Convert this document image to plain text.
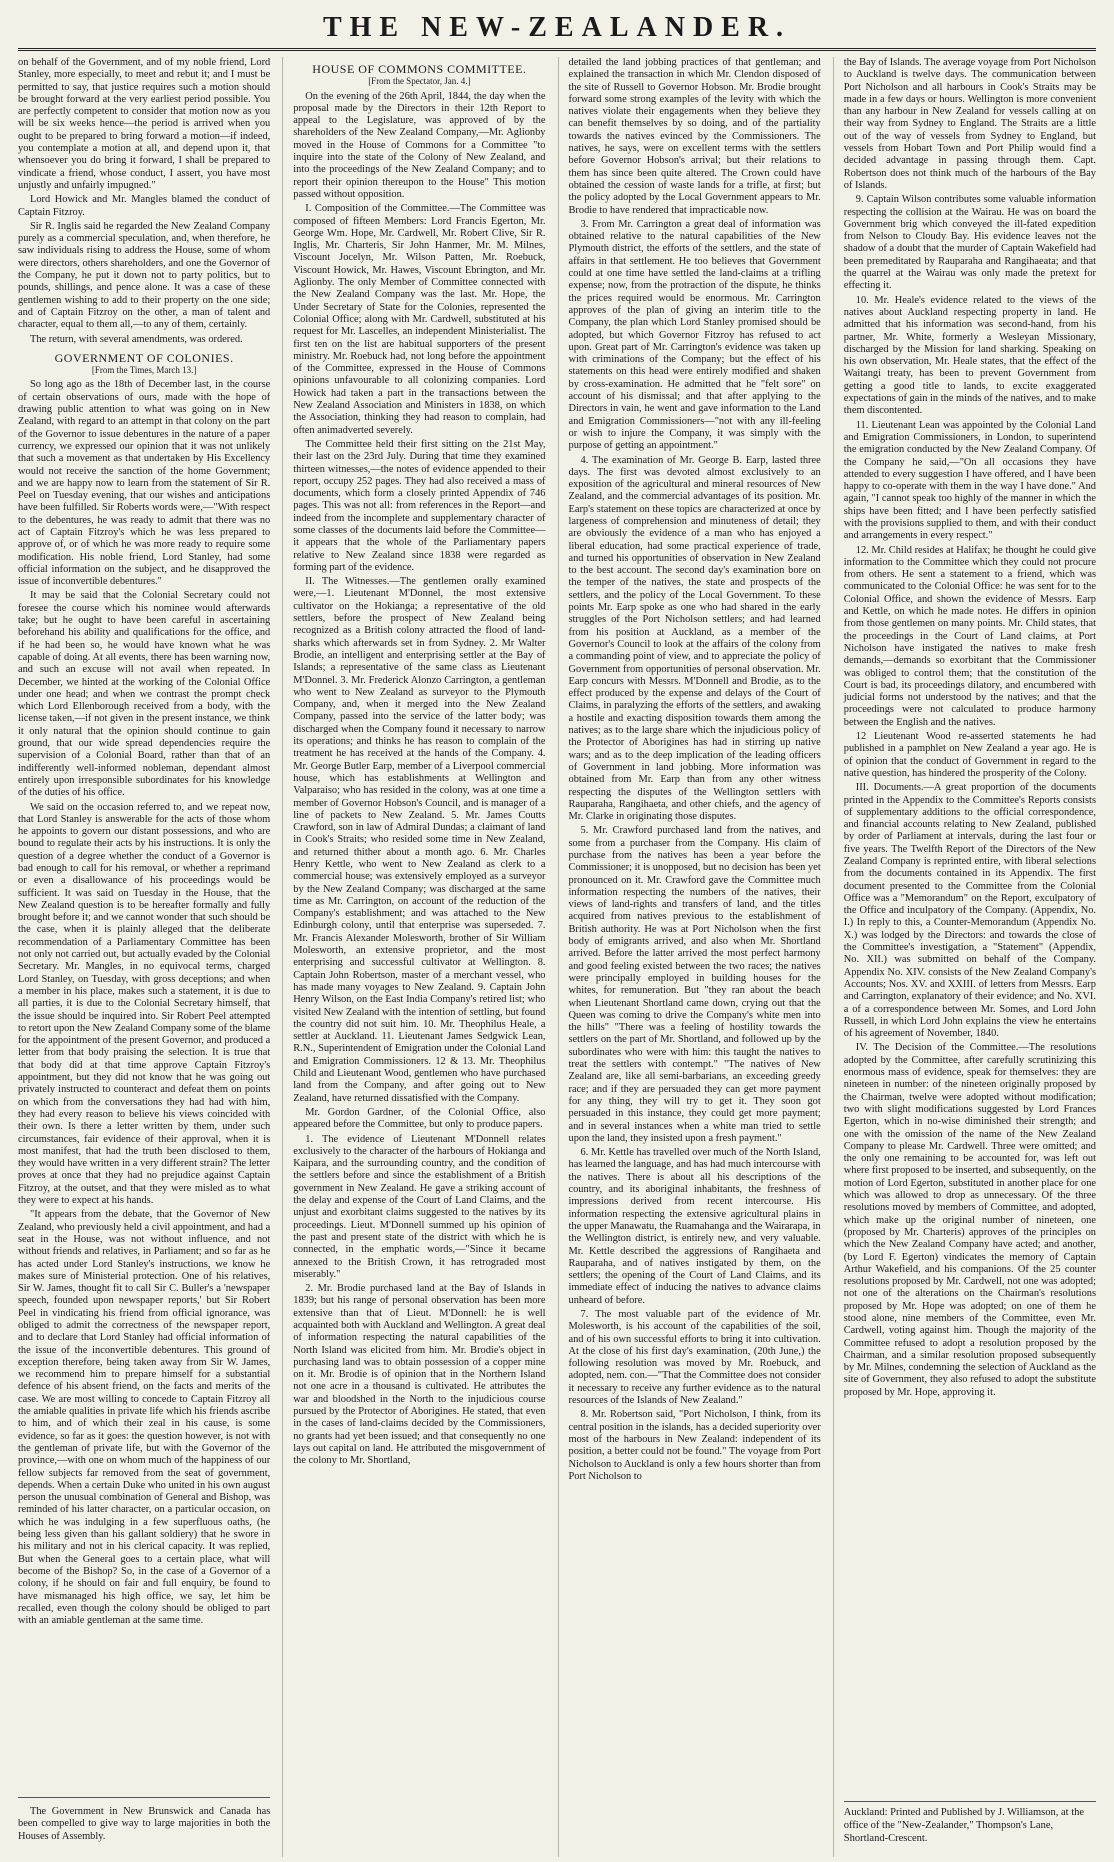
THE NEW-ZEALANDER.

on behalf of the Government, and of my noble friend, Lord Stanley, more especially, to meet and rebut it; and I must be permitted to say, that justice requires such a motion should be brought forward at the very earliest period possible. You are perfectly competent to consider that motion now as you will be six weeks hence—the period is arrived when you ought to be prepared to bring forward a motion—if indeed, you contemplate a motion at all, and depend upon it, that whensoever you do bring it forward, I shall be prepared to vindicate a friend, whose conduct, I assert, you have most unjustly and unfairly impugned."

Lord Howick and Mr. Mangles blamed the conduct of Captain Fitzroy.

Sir R. Inglis said he regarded the New Zealand Company purely as a commercial speculation, and, when therefore, he saw individuals rising to address the House, some of whom were directors, others shareholders, and one the Governor of the Company, he put it down not to party politics, but to pounds, shillings, and pence alone. It was a case of these gentlemen wishing to add to their property on the one side; and of Captain Fitzroy on the other, a man of talent and character, equal to them all,—to any of them, certainly.

The return, with several amendments, was ordered.

GOVERNMENT OF COLONIES.
[From the Times, March 13.]

So long ago as the 18th of December last, in the course of certain observations of ours, made with the hope of drawing public attention to what was going on in New Zealand, with regard to an attempt in that colony on the part of the Governor to issue debentures in the nature of a paper currency, we expressed our opinion that it was not unlikely that such a movement as that undertaken by His Excellency would not receive the sanction of the home Government; and we are happy now to learn from the statement of Sir R. Peel on Tuesday evening, that our wishes and anticipations have been fulfilled. Sir Roberts words were,—"With respect to the debentures, he was ready to admit that there was no act of Captain Fitzroy's which he was less prepared to approve of, or of which he was more ready to require some modification. His noble friend, Lord Stanley, had some official information on the subject, and he disapproved the issue of inconvertible debentures."

It may be said that the Colonial Secretary could not foresee the course which his nominee would afterwards take; but he ought to have been careful in ascertaining beforehand his ability and qualifications for the office, and if he had been so, he would have known what he was capable of doing. At all events, there has been warning now, and such an excuse will not avail when repeated. In December, we hinted at the working of the Colonial Office under one head; and when we contrast the prompt check which Lord Ellenborough received from a body, with the license taken,—if not given in the present instance, we think it only natural that the opinion should continue to gain ground, that our wide spread dependencies require the supervision of a Colonial Board, rather than that of an indifferently well-informed nobleman, dependant almost entirely upon irresponsible subordinates for his knowledge of the duties of his office.

We said on the occasion referred to, and we repeat now, that Lord Stanley is answerable for the acts of those whom he appoints to govern our distant possessions, and who are bound to regulate their acts by his instructions. It is only the question of a degree whether the conduct of a Governor is bad enough to call for his removal, or whether a reprimand or even a disallowance of his proceedings would be sufficient. It was said on Tuesday in the House, that the New Zealand question is to be hereafter formally and fully brought before it; and we cannot wonder that such should be the case, when it is plainly alleged that the deliberate recommendation of a Parliamentary Committee has been not only not carried out, but actually evaded by the Colonial Secretary. Mr. Mangles, in no equivocal terms, charged Lord Stanley, on Tuesday, with gross deceptions; and when a member in his place, makes such a statement, it is due to all parties, it is due to the Colonial Secretary himself, that the issue should be inquired into. Sir Robert Peel attempted to retort upon the New Zealand Company some of the blame for the appointment of the present Governor, and produced a letter from that body praising the selection. It is true that that body did at that time approve Captain Fitzroy's appointment, but they did not know that he was going out privately instructed to counteract and defeat them on points on which from the conversations they had had with him, they had every reason to believe his views coincided with their own. Is there a letter written by them, under such circumstances, fair evidence of their approval, when it is most manifest, that had the truth been disclosed to them, they would have written in a very different strain? The letter proves at once that they had no prejudice against Captain Fitzroy, at the outset, and that they were misled as to what they were to expect at his hands.

"It appears from the debate, that the Governor of New Zealand, who previously held a civil appointment, and had a seat in the House, was not without influence, and not without friends and relatives, in Parliament; and so far as he has acted under Lord Stanley's instructions, we know he makes sure of Ministerial protection. One of his relatives, Sir W. James, thought fit to call Sir C. Buller's a 'newspaper speech, founded upon newspaper reports,' but Sir Robert Peel in vindicating his friend from official ignorance, was obliged to admit the correctness of the newspaper report, and to declare that Lord Stanley had official information of the issue of the inconvertible debentures. This ground of exception therefore, being taken away from Sir W. James, we recommend him to prepare himself for a substantial defence of his absent friend, on the facts and merits of the case. We are most willing to concede to Captain Fitzroy all the amiable qualities in private life which his friends ascribe to him, and of which their zeal in his cause, is some evidence, so far as it goes: the question however, is not with the gentleman of private life, but with the Governor of the province,—with one on whom much of the happiness of our fellow subjects far removed from the seat of government, depends. When a certain Duke who united in his own august person the unusual combination of General and Bishop, was reminded of his latter character, on a particular occasion, on which he was indulging in a few superfluous oaths, (he being less given than his gallant soldiery) that he swore in his military and not in his clerical capacity. It was replied, But when the General goes to a certain place, what will become of the Bishop? So, in the case of a Governor of a colony, if he should on fair and full enquiry, be found to have mismanaged his high office, we say, let him be recalled, even though the colony should be obliged to part with an amiable gentleman at the same time.

The Government in New Brunswick and Canada has been compelled to give way to large majorities in both the Houses of Assembly.

HOUSE OF COMMONS COMMITTEE.
[From the Spectator, Jan. 4.]

On the evening of the 26th April, 1844, the day when the proposal made by the Directors in their 12th Report to appeal to the Legislature, was approved of by the shareholders of the New Zealand Company,—Mr. Aglionby moved in the House of Commons for a Committee "to inquire into the state of the Colony of New Zealand, and into the proceedings of the New Zealand Company; and to report their opinion thereupon to the House" This motion passed without opposition.

I. Composition of the Committee.—The Committee was composed of fifteen Members: Lord Francis Egerton, Mr. George Wm. Hope, Mr. Cardwell, Mr. Robert Clive, Sir R. Inglis, Mr. Charteris, Sir John Hanmer, Mr. M. Milnes, Viscount Jocelyn, Mr. Wilson Patten, Mr. Roebuck, Viscount Howick, Mr. Hawes, Viscount Ebrington, and Mr. Aglionby. The only Member of Committee connected with the New Zealand Company was the last. Mr. Hope, the Under Secretary of State for the Colonies, represented the Colonial Office; along with Mr. Cardwell, substituted at his request for Mr. Lascelles, an independent Ministerialist. The first ten on the list are habitual supporters of the present ministry. Mr. Roebuck had, not long before the appointment of the Committee, expressed in the House of Commons opinions unfavourable to all colonizing companies. Lord Howick had taken a part in the transactions between the New Zealand Association and Ministers in 1838, on which the Association, thinking they had reason to complain, had often animadverted severely.

The Committee held their first sitting on the 21st May, their last on the 23rd July. During that time they examined thirteen witnesses,—the notes of evidence appended to their report, occupy 252 pages. They had also received a mass of documents, which form a closely printed Appendix of 746 pages. This was not all: from references in the Report—and indeed from the incomplete and supplementary character of some classes of the documents laid before the Committee—it appears that the whole of the Parliamentary papers relative to New Zealand since 1838 were regarded as forming part of the evidence.

II. The Witnesses.—The gentlemen orally examined were,—1. Lieutenant M'Donnel, the most extensive cultivator on the Hokianga; a representative of the old settlers, before the prospect of New Zealand being recognized as a British colony attracted the flood of land-sharks which afterwards set in from Sydney. 2. Mr Walter Brodie, an intelligent and enterprising settler at the Bay of Islands; a representative of the same class as Lieutenant M'Donnel. 3. Mr. Frederick Alonzo Carrington, a gentleman who went to New Zealand as surveyor to the Plymouth Company, and, when it merged into the New Zealand Company, passed into the service of the latter body; was discharged when the Company found it necessary to narrow its operations; and thinks he has reason to complain of the treatment he has received at the hands of the Company. 4. Mr. George Butler Earp, member of a Liverpool commercial house, which has establishments at Wellington and Valparaiso; who has resided in the colony, was at one time a member of Governor Hobson's Council, and is manager of a line of packets to New Zealand. 5. Mr. James Coutts Crawford, son in law of Admiral Dundas; a claimant of land in Cook's Straits; who resided some time in New Zealand, and returned thither about a month ago. 6. Mr. Charles Henry Kettle, who went to New Zealand as clerk to a commercial house; was extensively employed as a surveyor by the New Zealand Company; was discharged at the same time as Mr. Carrington, on account of the reduction of the Company's establishment; and was attached to the New Edinburgh colony, until that enterprise was superseded. 7. Mr. Francis Alexander Molesworth, brother of Sir William Molesworth, an extensive proprietor, and the most enterprising and successful cultivator at Wellington. 8. Captain John Robertson, master of a merchant vessel, who has made many voyages to New Zealand. 9. Captain John Henry Wilson, on the East India Company's retired list; who visited New Zealand with the intention of settling, but found the country did not suit him. 10. Mr. Theophilus Heale, a settler at Auckland. 11. Lieutenant James Sedgwick Lean, R.N., Superintendent of Emigration under the Colonial Land and Emigration Commissioners. 12 & 13. Mr. Theophilus Child and Lieutenant Wood, gentlemen who have purchased land from the Company, and after going out to New Zealand, have returned dissatisfied with the Company.

Mr. Gordon Gardner, of the Colonial Office, also appeared before the Committee, but only to produce papers.

1. The evidence of Lieutenant M'Donnell relates exclusively to the character of the harbours of Hokianga and Kaipara, and the surrounding country, and the condition of the settlers before and since the establishment of a British government in New Zealand. He gave a striking account of the delay and expense of the Court of Land Claims, and the unjust and exorbitant claims suggested to the natives by its proceedings. Lieut. M'Donnell summed up his opinion of the past and present state of the district with which he is connected, in the emphatic words,—"Since it became annexed to the British Crown, it has retrograded most miserably."

2. Mr. Brodie purchased land at the Bay of Islands in 1839; but his range of personal observation has been more extensive than that of Lieut. M'Donnell: he is well acquainted both with Auckland and Wellington. A great deal of information respecting the natural capabilities of the North Island was elicited from him. Mr. Brodie's object in purchasing land was to obtain possession of a copper mine on it. Mr. Brodie is of opinion that in the Northern Island not one acre in a thousand is cultivated. He attributes the war and bloodshed in the North to the injudicious course pursued by the Protector of Aborigines. He stated, that even in the cases of land-claims decided by the Commissioners, no grants had yet been issued; and that consequently no one lays out capital on land. He attributed the misgovernment of the colony to Mr. Shortland,

detailed the land jobbing practices of that gentleman; and explained the transaction in which Mr. Clendon disposed of the site of Russell to Governor Hobson. Mr. Brodie brought forward some strong examples of the levity with which the natives violate their engagements when they believe they can benefit themselves by so doing, and of the partiality towards the natives evinced by the Commissioners. The natives, he says, were on excellent terms with the settlers before Governor Hobson's arrival; but their relations to them has since been quite altered. The Crown could have obtained the cession of waste lands for a trifle, at first; but the policy adopted by the Local Government appears to Mr. Brodie to have rendered that impracticable now.

3. From Mr. Carrington a great deal of information was obtained relative to the natural capabilities of the New Plymouth district, the efforts of the settlers, and the state of affairs in that settlement. He too believes that Government could at one time have settled the land-claims at a trifling expense; now, from the protraction of the dispute, he thinks the prices required would be enormous. Mr. Carrington approves of the plan of giving an interim title to the Company, the plan which Lord Stanley promised should be adopted, but which Governor Fitzroy has refused to act upon. Great part of Mr. Carrington's evidence was taken up with criminations of the Company; but the effect of his statements on this head were entirely modified and shaken by cross-examination. He admitted that he "felt sore" on account of his dismissal; and that after applying to the Directors in vain, he went and gave information to the Land and Emigration Commissioners—"not with any ill-feeling or wish to injure the Company, it was simply with the purpose of getting an appointment."

4. The examination of Mr. George B. Earp, lasted three days. The first was devoted almost exclusively to an exposition of the agricultural and mineral resources of New Zealand, and the commercial advantages of its position. Mr. Earp's statement on these topics are characterized at once by largeness of comprehension and minuteness of detail; they are obviously the evidence of a man who has enjoyed a liberal education, had some practical experience of trade, and turned his opportunities of observation in New Zealand to the best account. The second day's examination bore on the temper of the natives, the state and prospects of the settlers, and the policy of the Local Government. To these points Mr. Earp spoke as one who had shared in the early struggles of the Port Nicholson settlers; and had learned from his position at Auckland, as a member of the Governor's Council to look at the affairs of the colony from a commanding point of view, and to appreciate the policy of Government from opportunities of personal observation. Mr. Earp concurs with Messrs. M'Donnell and Brodie, as to the effect produced by the expense and delays of the Court of Claims, in paralyzing the efforts of the settlers, and awaking a hostile and exacting disposition towards them among the natives; as to the large share which the injudicious policy of the Protector of Aborigines has had in stirring up native wars; and as to the deep implication of the leading officers of Government in land jobbing. More information was obtained from Mr. Earp than from any other witness respecting the disputes of the Wellington settlers with Rauparaha, Rangihaeta, and other chiefs, and the agency of Mr. Clarke in originating those disputes.

5. Mr. Crawford purchased land from the natives, and some from a purchaser from the Company. His claim of purchase from the natives has been a year before the Commissioner; it is unopposed, but no decision has been yet pronounced on it. Mr. Crawford gave the Committee much information respecting the numbers of the natives, their views of land-rights and transfers of land, and the titles acquired from natives previous to the establishment of British authority. He was at Port Nicholson when the first body of emigrants arrived, and also when Mr. Shortland arrived. Before the latter arrived the most perfect harmony and good feeling existed between the two races; the natives were principally employed in building houses for the whites, for remuneration. But "they ran about the beach when Lieutenant Shortland came down, crying out that the Queen was coming to drive the Company's white men into the hills" "There was a feeling of hostility towards the settlers on the part of Mr. Shortland, and followed up by the subordinates who were with him: this taught the natives to treat the settlers with contempt." "The natives of New Zealand are, like all semi-barbarians, an exceeding greedy race; and if they are persuaded they can get more payment for any thing, they will try to get it. They soon got persuaded in this instance, they could get more payment; and in several instances when a white man tried to settle upon the land, they insisted upon a fresh payment."

6. Mr. Kettle has travelled over much of the North Island, has learned the language, and has had much intercourse with the natives. There is about all his descriptions of the country, and its aboriginal inhabitants, the freshness of impressions derived from recent intercourse. His information respecting the extensive agricultural plains in the upper Manawatu, the Ruamahanga and the Wairarapa, in the Wellington district, is entirely new, and very valuable. Mr. Kettle described the aggressions of Rangihaeta and Rauparaha, and of natives instigated by them, on the settlers; the opening of the Court of Land Claims, and its immediate effect of inducing the natives to advance claims unheard of before.

7. The most valuable part of the evidence of Mr. Molesworth, is his account of the capabilities of the soil, and of his own successful efforts to bring it into cultivation. At the close of his first day's examination, (20th June,) the following resolution was moved by Mr. Roebuck, and adopted, nem. con.—"That the Committee does not consider it necessary to receive any further evidence as to the natural resources of the Islands of New Zealand."

8. Mr. Robertson said, "Port Nicholson, I think, from its central position in the islands, has a decided superiority over most of the harbours in New Zealand: independent of its position, a better could not be found." The voyage from Port Nicholson to Auckland is only a few hours shorter than from Port Nicholson to

the Bay of Islands. The average voyage from Port Nicholson to Auckland is twelve days. The communication between Port Nicholson and all harbours in Cook's Straits may be made in a few days or hours. Wellington is more convenient than any harbour in New Zealand for vessels calling at on their way from Sydney to England. The Straits are a little out of the way of vessels from Sydney to England, but vessels from Hobart Town and Port Philip would find a decided advantage in passing through them. Capt. Robertson does not think much of the harbours of the Bay of Islands.

9. Captain Wilson contributes some valuable information respecting the collision at the Wairau. He was on board the Government brig which conveyed the ill-fated expedition from Nelson to Cloudy Bay. His evidence leaves not the shadow of a doubt that the murder of Captain Wakefield had been premeditated by Rauparaha and Rangihaeata; and that the quarrel at the Wairau was only made the pretext for effecting it.

10. Mr. Heale's evidence related to the views of the natives about Auckland respecting property in land. He admitted that his information was second-hand, from his partner, Mr. White, formerly a Wesleyan Missionary, discharged by the Mission for land sharking. Speaking on his own observation, Mr. Heale states, that the effect of the Waitangi treaty, has been to prevent Government from getting a good title to lands, to excite exaggerated expectations of gain in the minds of the natives, and to make them discontented.

11. Lieutenant Lean was appointed by the Colonial Land and Emigration Commissioners, in London, to superintend the emigration conducted by the New Zealand Company. Of the Company he said,—"On all occasions they have attended to every suggestion I have offered, and I have been happy to co-operate with them in the way I have done." And again, "I cannot speak too highly of the manner in which the ships have been fitted; and I have been perfectly satisfied with the provisions supplied to them, and with their conduct and arrangements in every respect."

12. Mr. Child resides at Halifax; he thought he could give information to the Committee which they could not procure from others. He sent a statement to a friend, which was communicated to the Colonial Office: he was sent for to the Colonial Office, and shown the evidence of Messrs. Earp and Kettle, on which he made notes. He differs in opinion from those gentlemen on many points. Mr. Child states, that the proceedings in the Court of Land claims, at Port Nicholson have instigated the natives to make fresh demands,—demands so exorbitant that the Commissioner was obliged to control them; that the constitution of the Court is bad, its proceedings dilatory, and encumbered with judicial forms not understood by the natives; and that the proceedings were not calculated to produce harmony between the English and the natives.

12 Lieutenant Wood re-asserted statements he had published in a pamphlet on New Zealand a year ago. He is of opinion that the conduct of Government in regard to the native question, has hindered the prosperity of the Colony.

III. Documents.—A great proportion of the documents printed in the Appendix to the Committee's Reports consists of supplementary additions to the official correspondence, and financial accounts relating to New Zealand, published by order of Parliament at intervals, during the last four or five years. The Twelfth Report of the Directors of the New Zealand Company is reprinted entire, with liberal selections from the documents contained in its Appendix. The first document presented to the Committee from the Colonial Office was a "Memorandum" on the Report, exculpatory of the Office and inculpatory of the Company. (Appendix, No. I.) In reply to this, a Counter-Memorandum (Appendix No. X.) was lodged by the Directors: and towards the close of the Committee's investigation, a "Statement" (Appendix, No. XII.) was submitted on behalf of the Company. Appendix No. XIV. consists of the New Zealand Company's Accounts; Nos. XV. and XXIII. of letters from Messrs. Earp and Carrington, explanatory of their evidence; and No. XVI. a of a correspondence between Mr. Somes, and Lord John Russell, in which Lord John explains the view he entertains of his agreement of November, 1840.

IV. The Decision of the Committee.—The resolutions adopted by the Committee, after carefully scrutinizing this enormous mass of evidence, speak for themselves: they are nineteen in number: of the nineteen originally proposed by the Chairman, twelve were adopted without modification; two with slight modifications suggested by Lord Frances Egerton, which in no-wise diminished their strength; and one with the omission of the name of the New Zealand Company to please Mr. Cardwell. Three were omitted; and the only one remaining to be accounted for, was left out where first proposed to be inserted, and subsequently, on the motion of Lord Egerton, substituted in another place for one which was allowed to drop as unnecessary. Of the three resolutions moved by members of Committee, and adopted, which make up the original number of nineteen, one (proposed by Mr. Charteris) approves of the principles on which the New Zealand Company have acted; and another, (by Lord F. Egerton) vindicates the memory of Captain Arthur Wakefield, and his companions. Of the 25 counter resolutions proposed by Mr. Cardwell, not one was adopted; not one of the alterations on the Chairman's resolutions proposed by Mr. Hope was adopted; on one of them he stood alone, nine members of the Committee, even Mr. Cardwell, voting against him. Though the majority of the Committee refused to adopt a resolution proposed by the Chairman, and a similar resolution proposed subsequently by Mr. Milnes, condemning the selection of Auckland as the site of Government, they also refused to adopt the substitute proposed by Mr. Hope, approving it.

Auckland: Printed and Published by J. Williamson, at the office of the "New-Zealander," Thompson's Lane, Shortland-Crescent.
